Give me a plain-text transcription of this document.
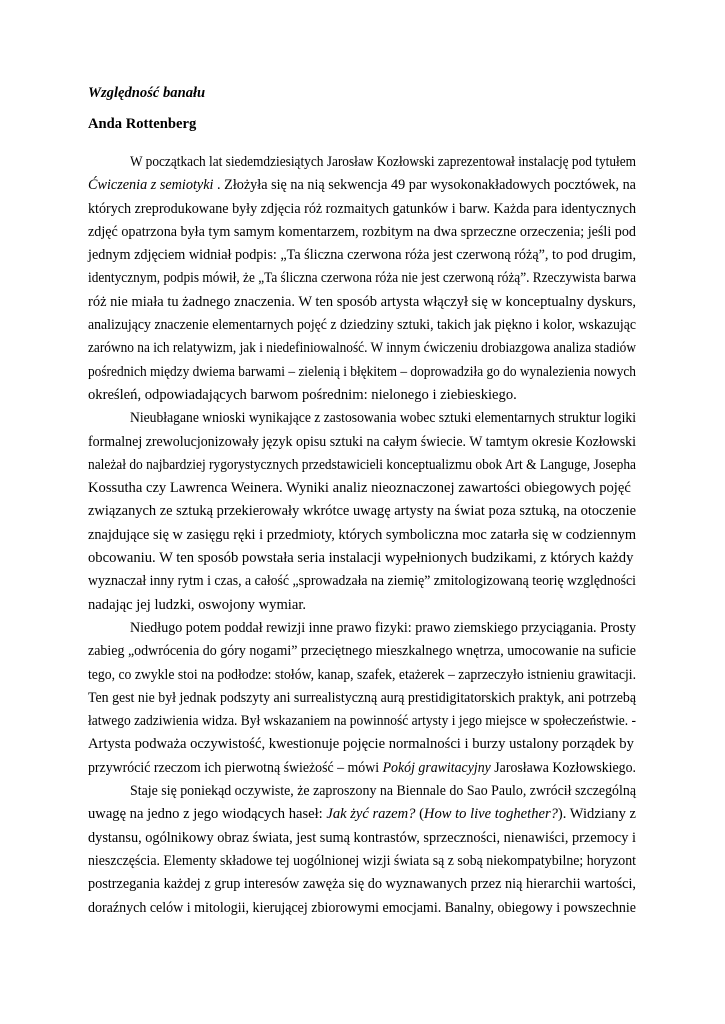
Względność banału
Anda Rottenberg
W początkach lat siedemdziesiątych Jarosław Kozłowski zaprezentował instalację pod tytułem
Ćwiczenia z semiotyki . Złożyła się na nią sekwencja 49 par wysokonakładowych pocztówek, na
których zreprodukowane były zdjęcia róż rozmaitych gatunków i barw. Każda para identycznych
zdjęć opatrzona była tym samym komentarzem, rozbitym na dwa sprzeczne orzeczenia; jeśli pod
jednym zdjęciem widniał podpis: „Ta śliczna czerwona róża jest czerwoną różą”, to pod drugim,
identycznym, podpis mówił, że „Ta śliczna czerwona róża nie jest czerwoną różą”. Rzeczywista barwa
róż nie miała tu żadnego znaczenia. W ten sposób artysta włączył się w konceptualny dyskurs,
analizujący znaczenie elementarnych pojęć z dziedziny sztuki, takich jak piękno i kolor, wskazując
zarówno na ich relatywizm, jak i niedefiniowalność. W innym ćwiczeniu drobiazgowa analiza stadiów
pośrednich między dwiema barwami – zielenią i błękitem – doprowadziła go do wynalezienia nowych
określeń, odpowiadających barwom pośrednim: nielonego i ziebieskiego.
Nieubłagane wnioski wynikające z zastosowania wobec sztuki elementarnych struktur logiki
formalnej zrewolucjonizowały język opisu sztuki na całym świecie. W tamtym okresie Kozłowski
należał do najbardziej rygorystycznych przedstawicieli konceptualizmu obok Art & Languge, Josepha
Kossutha czy Lawrenca Weinera. Wyniki analiz nieoznaczonej zawartości obiegowych pojęć
związanych ze sztuką przekierowały wkrótce uwagę artysty na świat poza sztuką, na otoczenie
znajdujące się w zasięgu ręki i przedmioty, których symboliczna moc zatarła się w codziennym
obcowaniu. W ten sposób powstała seria instalacji wypełnionych budzikami, z których każdy
wyznaczał inny rytm i czas, a całość „sprowadzała na ziemię” zmitologizowaną teorię względności
nadając jej ludzki, oswojony wymiar.
Niedługo potem poddał rewizji inne prawo fizyki: prawo ziemskiego przyciągania. Prosty
zabieg „odwrócenia do góry nogami” przeciętnego mieszkalnego wnętrza, umocowanie na suficie
tego, co zwykle stoi na podłodze: stołów, kanap, szafek, etażerek – zaprzeczyło istnieniu grawitacji.
Ten gest nie był jednak podszyty ani surrealistyczną aurą prestidigitatorskich praktyk, ani potrzebą
łatwego zadziwienia widza. Był wskazaniem na powinność artysty i jego miejsce w społeczeństwie. -
Artysta podważa oczywistość, kwestionuje pojęcie normalności i burzy ustalony porządek by
przywrócić rzeczom ich pierwotną świeżość – mówi Pokój grawitacyjny Jarosława Kozłowskiego.
Staje się poniekąd oczywiste, że zaproszony na Biennale do Sao Paulo, zwrócił szczególną
uwagę na jedno z jego wiodących haseł: Jak żyć razem? (How to live toghether?). Widziany z
dystansu, ogólnikowy obraz świata, jest sumą kontrastów, sprzeczności, nienawiści, przemocy i
nieszczęścia. Elementy składowe tej uogólnionej wizji świata są z sobą niekompatybilne; horyzont
postrzegania każdej z grup interesów zawęża się do wyznawanych przez nią hierarchii wartości,
doraźnych celów i mitologii, kierującej zbiorowymi emocjami. Banalny, obiegowy i powszechnie
